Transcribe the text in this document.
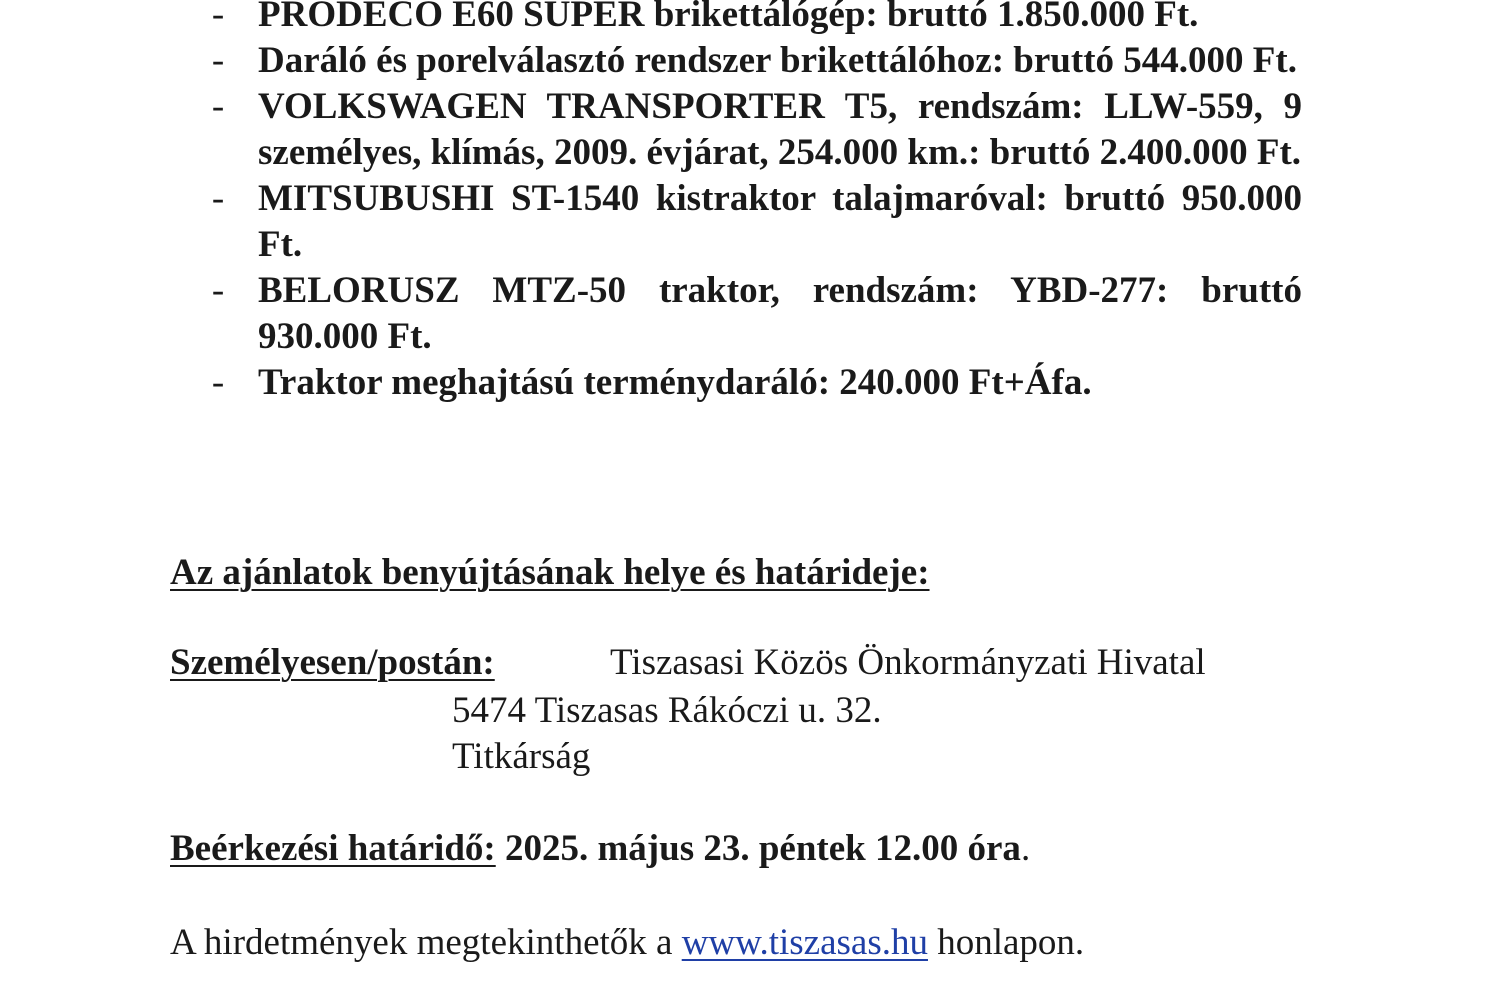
- PRODECO E60 SUPER brikettálógép: bruttó 1.850.000 Ft.
- Daráló és porelválasztó rendszer brikettálóhoz: bruttó 544.000 Ft.
- VOLKSWAGEN TRANSPORTER T5, rendszám: LLW-559, 9 személyes, klímás, 2009. évjárat, 254.000 km.: bruttó 2.400.000 Ft.
- MITSUBUSHI ST-1540 kistraktor talajmaróval: bruttó 950.000 Ft.
- BELORUSZ MTZ-50 traktor, rendszám: YBD-277: bruttó 930.000 Ft.
- Traktor meghajtású terménydaráló: 240.000 Ft+Áfa.
Az ajánlatok benyújtásának helye és határideje:
Személyesen/postán:	Tiszasasi Közös Önkormányzati Hivatal
5474 Tiszasas Rákóczi u. 32.
Titkárság
Beérkezési határidő: 2025. május 23. péntek 12.00 óra.
A hirdetmények megtekinthetők a www.tiszasas.hu honlapon.
